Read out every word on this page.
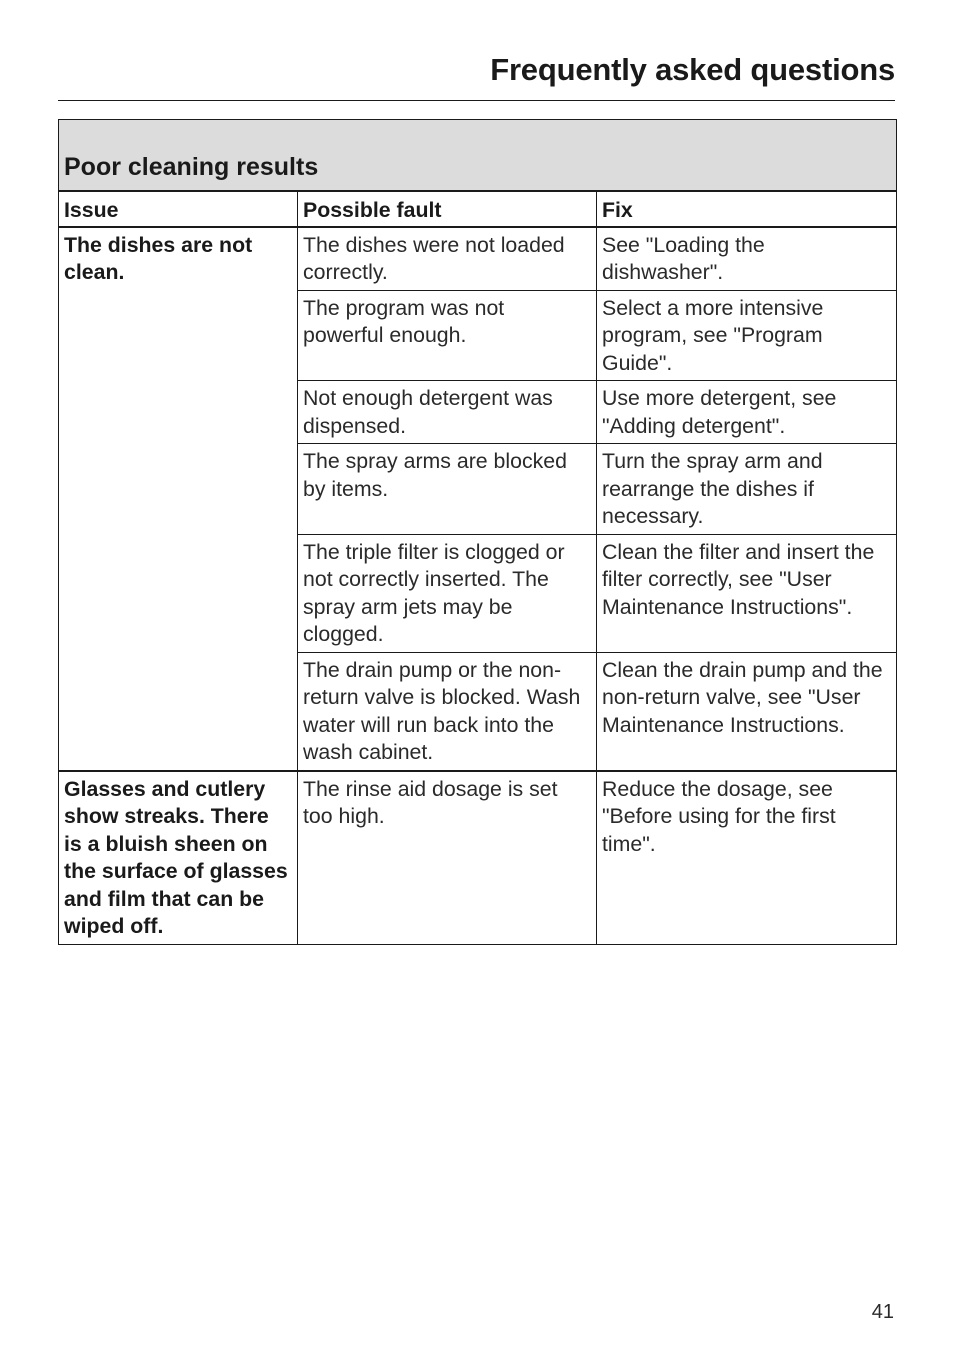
Frequently asked questions
Poor cleaning results		
Issue	Possible fault	Fix
The dishes are not clean.	The dishes were not loaded correctly.	See "Loading the dishwasher".
	The program was not powerful enough.	Select a more intensive program, see "Program Guide".
	Not enough detergent was dispensed.	Use more detergent, see "Adding detergent".
	The spray arms are blocked by items.	Turn the spray arm and rearrange the dishes if necessary.
	The triple filter is clogged or not correctly inserted. The spray arm jets may be clogged.	Clean the filter and insert the filter correctly, see "User Maintenance Instructions".
	The drain pump or the non-return valve is blocked. Wash water will run back into the wash cabinet.	Clean the drain pump and the non-return valve, see "User Maintenance Instructions.
Glasses and cutlery show streaks. There is a bluish sheen on the surface of glasses and film that can be wiped off.	The rinse aid dosage is set too high.	Reduce the dosage, see "Before using for the first time".
41
